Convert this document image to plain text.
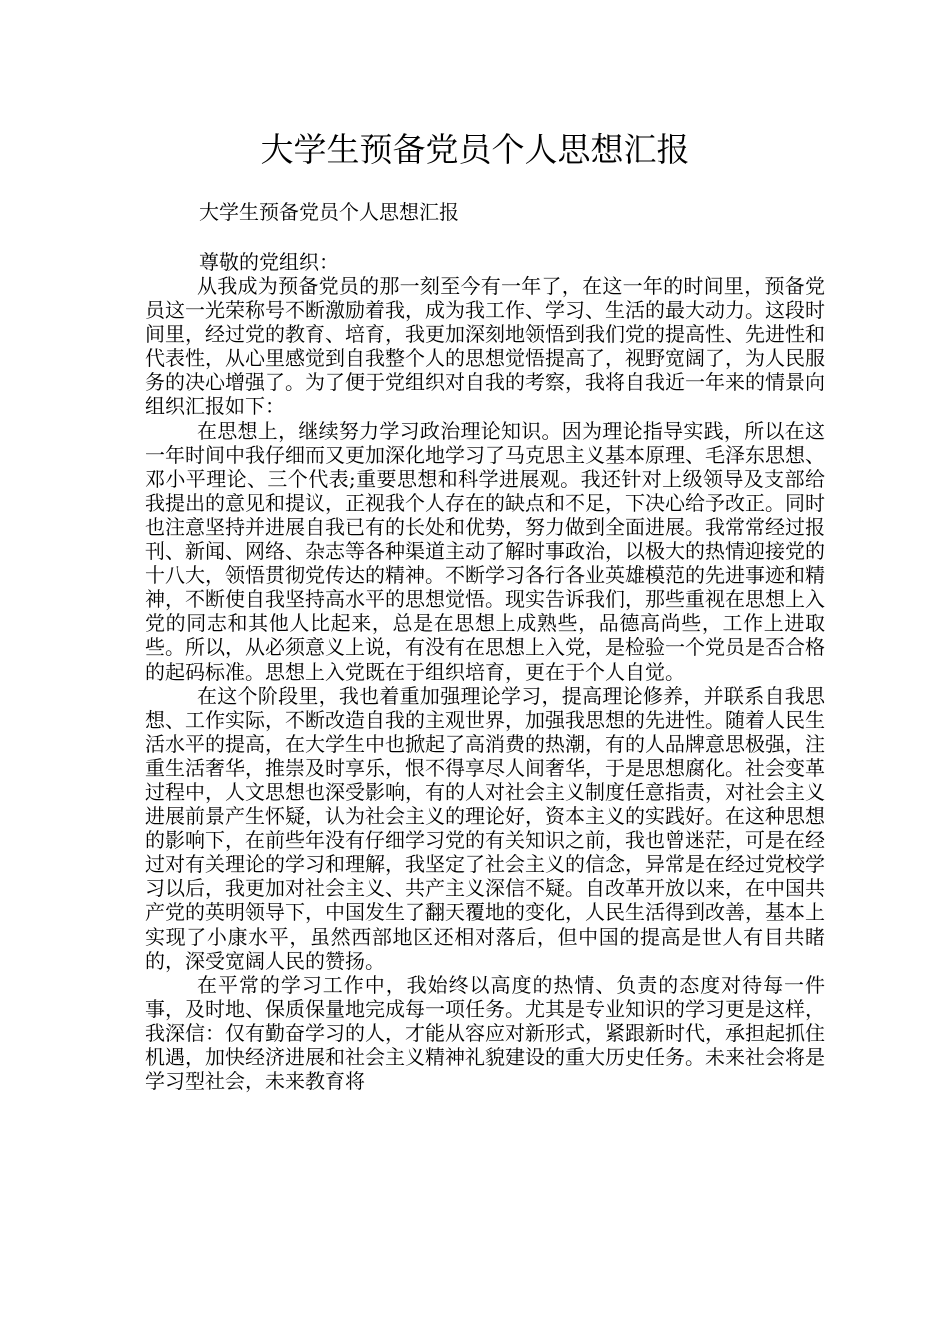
大学生预备党员个人思想汇报
大学生预备党员个人思想汇报
尊敬的党组织：

从我成为预备党员的那一刻至今有一年了，在这一年的时间里，预备党员这一光荣称号不断激励着我，成为我工作、学习、生活的最大动力。这段时间里，经过党的教育、培育，我更加深刻地领悟到我们党的提高性、先进性和代表性，从心里感觉到自我整个人的思想觉悟提高了，视野宽阔了，为人民服务的决心增强了。为了便于党组织对自我的考察，我将自我近一年来的情景向组织汇报如下：

在思想上，继续努力学习政治理论知识。因为理论指导实践，所以在这一年时间中我仔细而又更加深化地学习了马克思主义基本原理、毛泽东思想、邓小平理论、三个代表;重要思想和科学进展观。我还针对上级领导及支部给我提出的意见和提议，正视我个人存在的缺点和不足，下决心给予改正。同时也注意坚持并进展自我已有的长处和优势，努力做到全面进展。我常常经过报刊、新闻、网络、杂志等各种渠道主动了解时事政治，以极大的热情迎接党的十八大，领悟贯彻党传达的精神。不断学习各行各业英雄模范的先进事迹和精神，不断使自我坚持高水平的思想觉悟。现实告诉我们，那些重视在思想上入党的同志和其他人比起来，总是在思想上成熟些，品德高尚些，工作上进取些。所以，从必须意义上说，有没有在思想上入党，是检验一个党员是否合格的起码标准。思想上入党既在于组织培育，更在于个人自觉。

在这个阶段里，我也着重加强理论学习，提高理论修养，并联系自我思想、工作实际，不断改造自我的主观世界，加强我思想的先进性。随着人民生活水平的提高，在大学生中也掀起了高消费的热潮，有的人品牌意思极强，注重生活奢华，推崇及时享乐，恨不得享尽人间奢华，于是思想腐化。社会变革过程中，人文思想也深受影响，有的人对社会主义制度任意指责，对社会主义进展前景产生怀疑，认为社会主义的理论好，资本主义的实践好。在这种思想的影响下，在前些年没有仔细学习党的有关知识之前，我也曾迷茫，可是在经过对有关理论的学习和理解，我坚定了社会主义的信念，异常是在经过党校学习以后，我更加对社会主义、共产主义深信不疑。自改革开放以来，在中国共产党的英明领导下，中国发生了翻天覆地的变化，人民生活得到改善，基本上实现了小康水平，虽然西部地区还相对落后，但中国的提高是世人有目共睹的，深受宽阔人民的赞扬。

在平常的学习工作中，我始终以高度的热情、负责的态度对待每一件事，及时地、保质保量地完成每一项任务。尤其是专业知识的学习更是这样，我深信：仅有勤奋学习的人，才能从容应对新形式，紧跟新时代，承担起抓住机遇，加快经济进展和社会主义精神礼貌建设的重大历史任务。未来社会将是学习型社会，未来教育将
